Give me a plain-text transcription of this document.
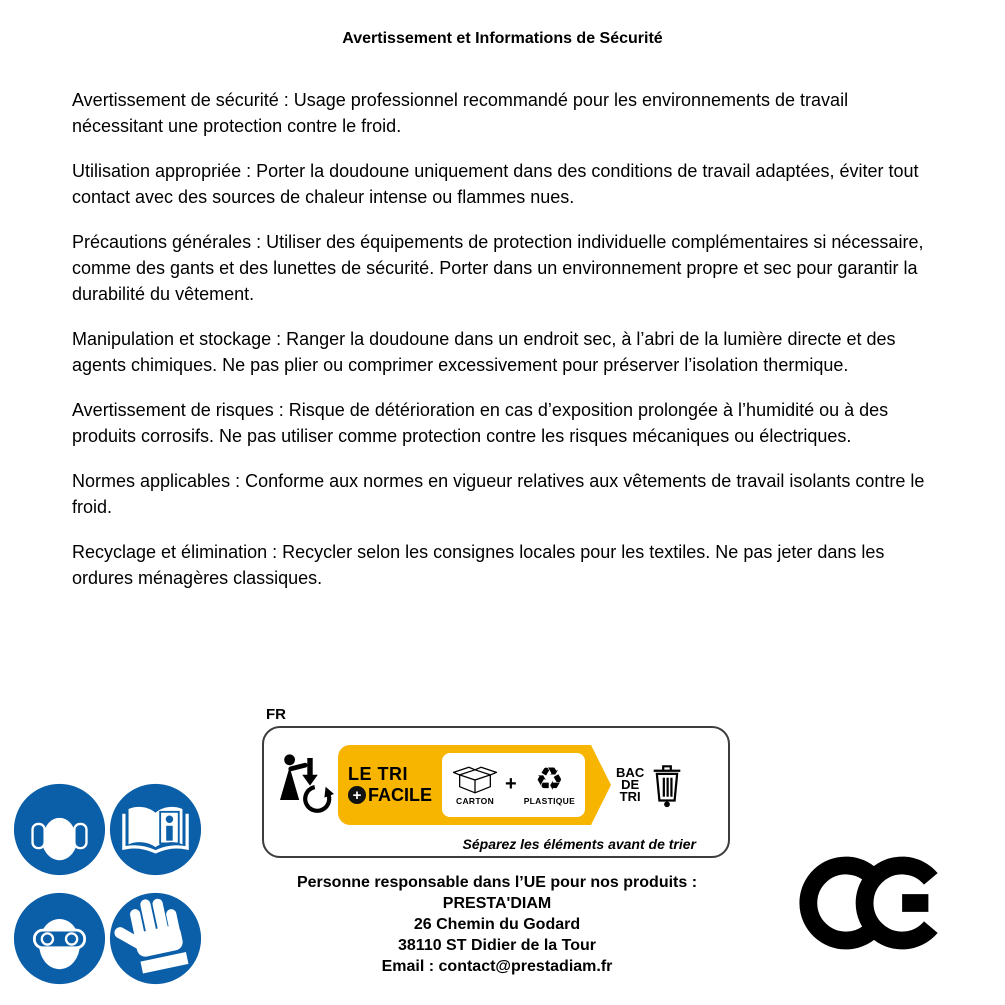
Avertissement et Informations de Sécurité

Avertissement de sécurité : Usage professionnel recommandé pour les environnements de travail nécessitant une protection contre le froid.

Utilisation appropriée : Porter la doudoune uniquement dans des conditions de travail adaptées, éviter tout contact avec des sources de chaleur intense ou flammes nues.

Précautions générales : Utiliser des équipements de protection individuelle complémentaires si nécessaire, comme des gants et des lunettes de sécurité. Porter dans un environnement propre et sec pour garantir la durabilité du vêtement.

Manipulation et stockage : Ranger la doudoune dans un endroit sec, à l’abri de la lumière directe et des agents chimiques. Ne pas plier ou comprimer excessivement pour préserver l’isolation thermique.

Avertissement de risques : Risque de détérioration en cas d’exposition prolongée à l’humidité ou à des produits corrosifs. Ne pas utiliser comme protection contre les risques mécaniques ou électriques.

Normes applicables : Conforme aux normes en vigueur relatives aux vêtements de travail isolants contre le froid.

Recyclage et élimination : Recycler selon les consignes locales pour les textiles. Ne pas jeter dans les ordures ménagères classiques.

FR
LE TRI
+ FACILE	CARTON
+ ♻
PLASTIQUE
BAC
DE
TRI
Séparez les éléments avant de trier
Personne responsable dans l’UE pour nos produits :
PRESTA'DIAM
26 Chemin du Godard
38110 ST Didier de la Tour
Email : contact@prestadiam.fr
